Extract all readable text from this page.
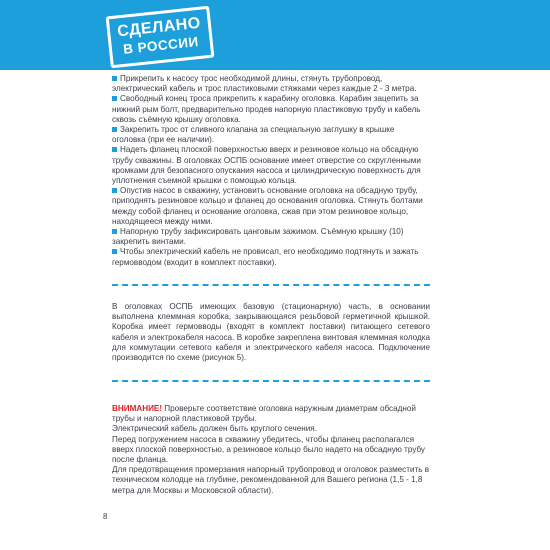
СДЕЛАНО
В РОССИИ

Прикрепить к насосу трос необходимой длины, стянуть трубопровод, электрический кабель и трос пластиковыми стяжками через каждые 2 - 3 метра.

Свободный конец троса прикрепить к карабину оголовка. Карабин зацепить за нижний рым болт, предварительно продев напорную пластиковую трубу и кабель сквозь съёмную крышку оголовка.

Закрепить трос от сливного клапана за специальную заглушку в крышке оголовка (при ее наличии).

Надеть фланец плоской поверхностью вверх и резиновое кольцо на обсадную трубу скважины. В оголовках ОСПБ основание имеет отверстие со скругленными кромками для безопасного опускания насоса и цилиндрическую поверхность для уплотнения съемной крышки с помощью кольца.

Опустив насос в скважину, установить основание оголовка на обсадную трубу, приподнять резиновое кольцо и фланец до основания оголовка. Стянуть болтами между собой фланец и основание оголовка, сжав при этом резиновое кольцо, находящееся между ними.

Напорную трубу зафиксировать цанговым зажимом. Съёмную крышку (10) закрепить винтами.

Чтобы электрический кабель не провисал, его необходимо подтянуть и зажать гермовводом (входит в комплект поставки).

В оголовках ОСПБ имеющих базовую (стационарную) часть, в основании выполнена клеммная коробка, закрывающаяся резьбовой герметичной крышкой. Коробка имеет гермовводы (входят в комплект поставки) питающего сетевого кабеля и электрокабеля насоса. В коробке закреплена винтовая клеммная колодка для коммутации сетевого кабеля и электрического кабеля насоса. Подключение производится по схеме (рисунок 5).

ВНИМАНИЕ! Проверьте соответствие оголовка наружным диаметрам обсадной трубы и напорной пластиковой трубы.

Электрический кабель должен быть круглого сечения.

Перед погружением насоса в скважину убедитесь, чтобы фланец располагался вверх плоской поверхностью, а резиновое кольцо было надето на обсадную трубу после фланца.

Для предотвращения промерзания напорный трубопровод и оголовок разместить в техническом колодце на глубине, рекомендованной для Вашего региона (1,5 - 1,8 метра для Москвы и Московской области).

8
